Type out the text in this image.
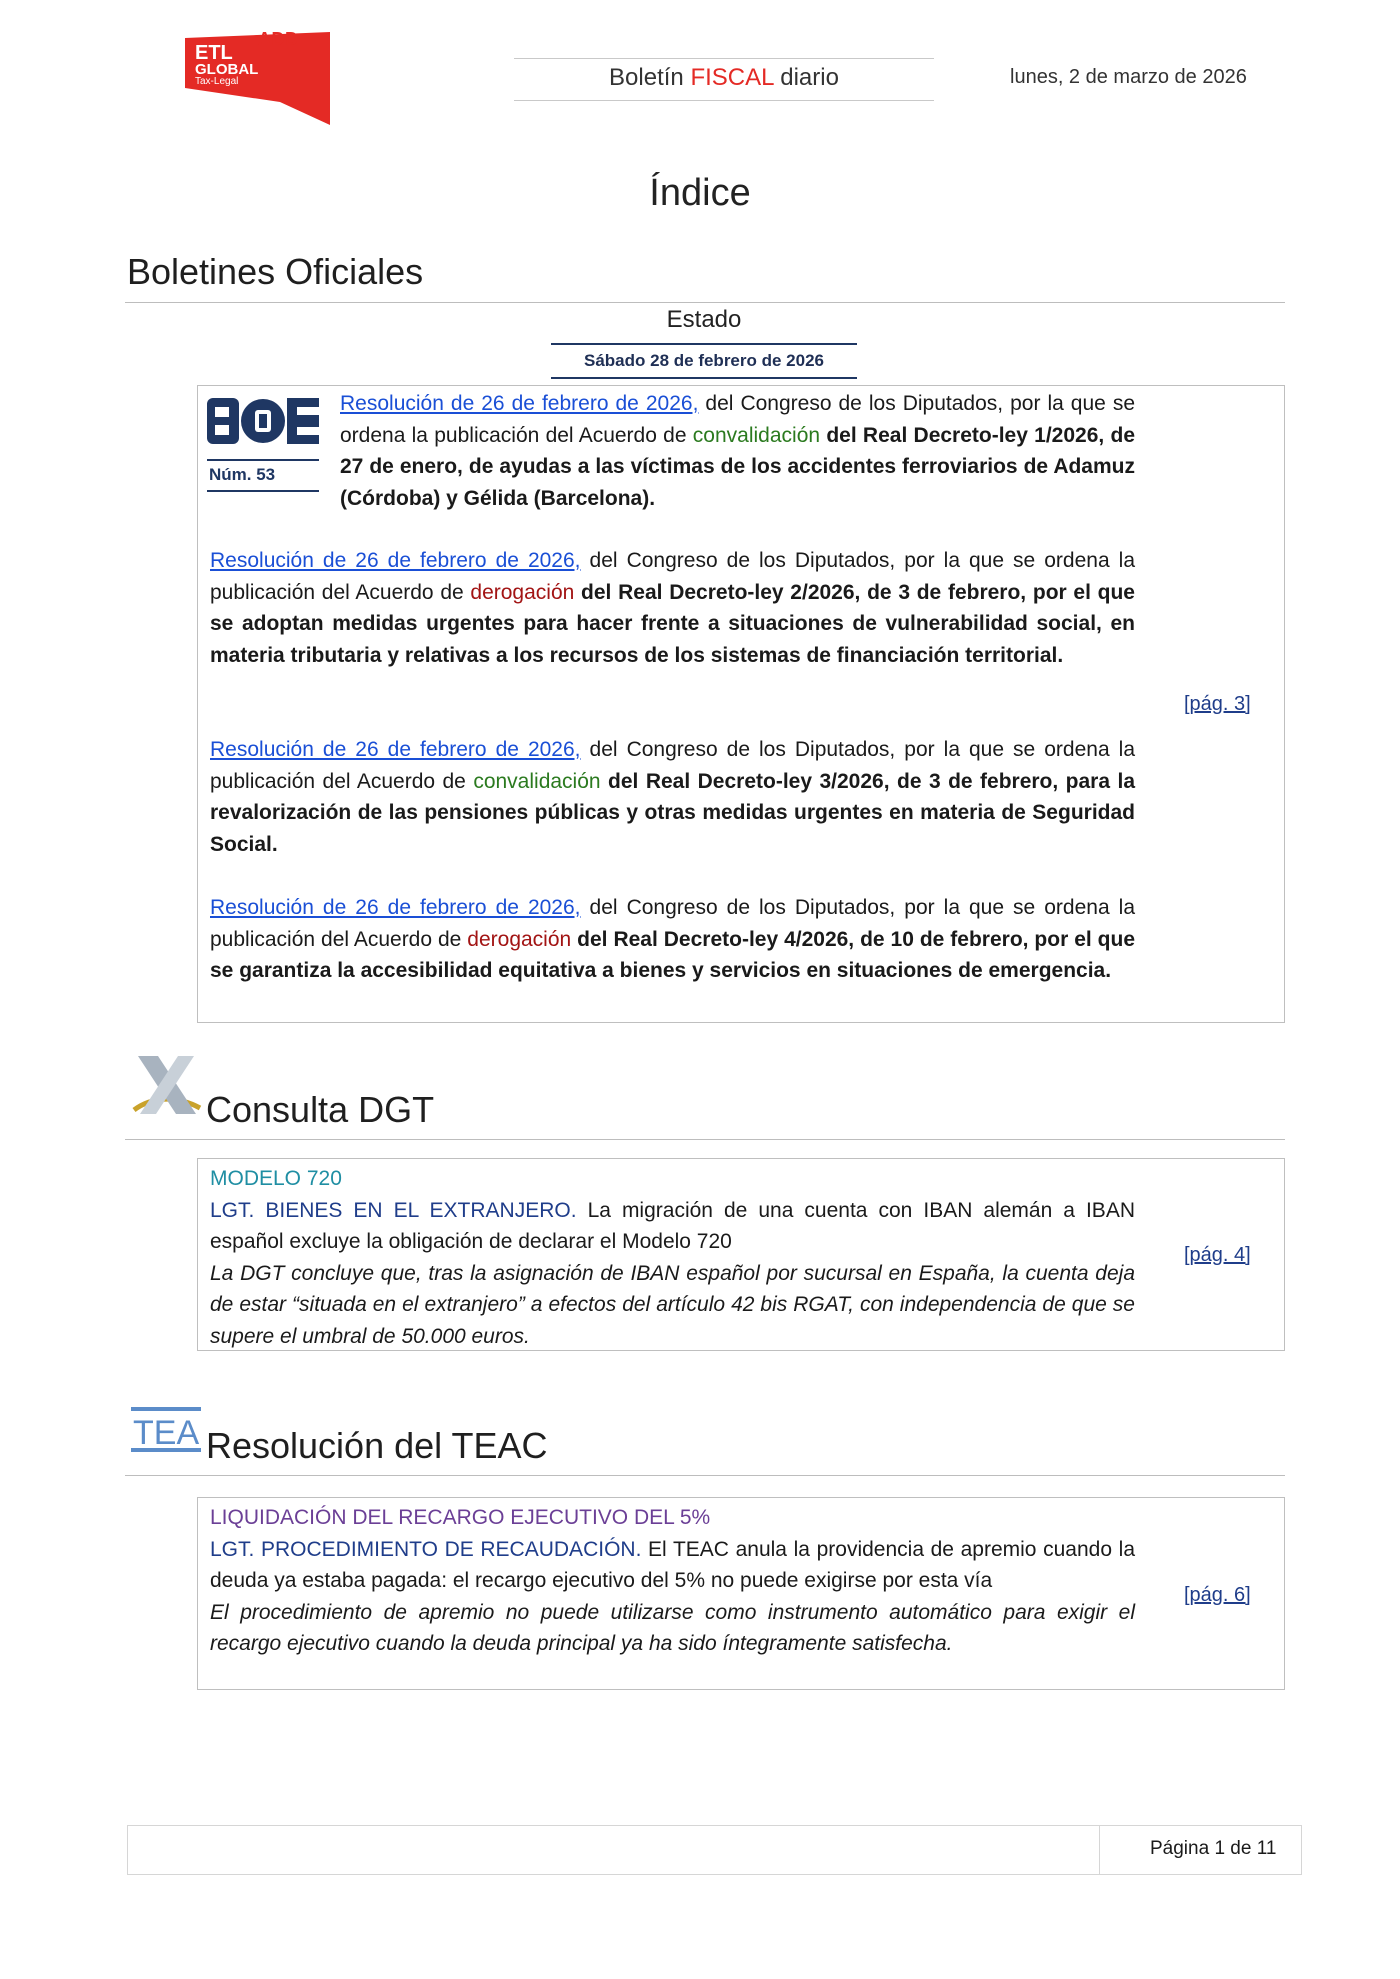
ADD
ETL
GLOBAL
Tax-Legal	Boletín FISCAL diario	lunes, 2 de marzo de 2026
Índice
Boletines Oficiales
Estado
Sábado 28 de febrero de 2026
Núm. 53
Resolución de 26 de febrero de 2026, del Congreso de los Diputados, por la que se ordena la publicación del Acuerdo de convalidación del Real Decreto-ley 1/2026, de 27 de enero, de ayudas a las víctimas de los accidentes ferroviarios de Adamuz (Córdoba) y Gélida (Barcelona).
Resolución de 26 de febrero de 2026, del Congreso de los Diputados, por la que se ordena la publicación del Acuerdo de derogación del Real Decreto-ley 2/2026, de 3 de febrero, por el que se adoptan medidas urgentes para hacer frente a situaciones de vulnerabilidad social, en materia tributaria y relativas a los recursos de los sistemas de financiación territorial.
[pág. 3]
Resolución de 26 de febrero de 2026, del Congreso de los Diputados, por la que se ordena la publicación del Acuerdo de convalidación del Real Decreto-ley 3/2026, de 3 de febrero, para la revalorización de las pensiones públicas y otras medidas urgentes en materia de Seguridad Social.
Resolución de 26 de febrero de 2026, del Congreso de los Diputados, por la que se ordena la publicación del Acuerdo de derogación del Real Decreto-ley 4/2026, de 10 de febrero, por el que se garantiza la accesibilidad equitativa a bienes y servicios en situaciones de emergencia.
Consulta DGT
MODELO 720
LGT. BIENES EN EL EXTRANJERO. La migración de una cuenta con IBAN alemán a IBAN español excluye la obligación de declarar el Modelo 720
La DGT concluye que, tras la asignación de IBAN español por sucursal en España, la cuenta deja de estar “situada en el extranjero” a efectos del artículo 42 bis RGAT, con independencia de que se supere el umbral de 50.000 euros.
[pág. 4]
TEA Resolución del TEAC
LIQUIDACIÓN DEL RECARGO EJECUTIVO DEL 5%
LGT. PROCEDIMIENTO DE RECAUDACIÓN. El TEAC anula la providencia de apremio cuando la deuda ya estaba pagada: el recargo ejecutivo del 5% no puede exigirse por esta vía
El procedimiento de apremio no puede utilizarse como instrumento automático para exigir el recargo ejecutivo cuando la deuda principal ya ha sido íntegramente satisfecha.
[pág. 6]
Página 1 de 11
